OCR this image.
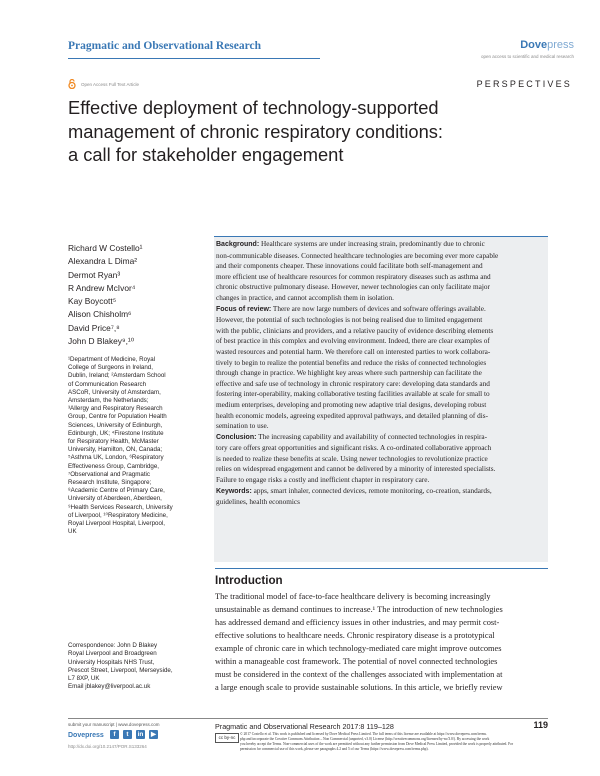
Pragmatic and Observational Research	Dovepress
open access to scientific and medical research
Open Access Full Text Article	PERSPECTIVES
Effective deployment of technology-supported
management of chronic respiratory conditions:
a call for stakeholder engagement
Richard W Costello¹
Alexandra L Dima²
Dermot Ryan³
R Andrew McIvor⁴
Kay Boycott⁵
Alison Chisholm⁶
David Price⁷,⁸
John D Blakey⁹,¹⁰
¹Department of Medicine, Royal
College of Surgeons in Ireland,
Dublin, Ireland; ²Amsterdam School
of Communication Research
ASCoR, University of Amsterdam,
Amsterdam, the Netherlands;
³Allergy and Respiratory Research
Group, Centre for Population Health
Sciences, University of Edinburgh,
Edinburgh, UK; ⁴Firestone Institute
for Respiratory Health, McMaster
University, Hamilton, ON, Canada;
⁵Asthma UK, London, ⁶Respiratory
Effectiveness Group, Cambridge,
⁷Observational and Pragmatic
Research Institute, Singapore;
⁸Academic Centre of Primary Care,
University of Aberdeen, Aberdeen,
⁹Health Services Research, University
of Liverpool, ¹⁰Respiratory Medicine,
Royal Liverpool Hospital, Liverpool,
UK
Correspondence: John D Blakey
Royal Liverpool and Broadgreen
University Hospitals NHS Trust,
Prescot Street, Liverpool, Merseyside,
L7 8XP, UK
Email jblakey@liverpool.ac.uk
Background: Healthcare systems are under increasing strain, predominantly due to chronic
non-communicable diseases. Connected healthcare technologies are becoming ever more capable
and their components cheaper. These innovations could facilitate both self-management and
more efficient use of healthcare resources for common respiratory diseases such as asthma and
chronic obstructive pulmonary disease. However, newer technologies can only facilitate major
changes in practice, and cannot accomplish them in isolation.
Focus of review: There are now large numbers of devices and software offerings available.
However, the potential of such technologies is not being realised due to limited engagement
with the public, clinicians and providers, and a relative paucity of evidence describing elements
of best practice in this complex and evolving environment. Indeed, there are clear examples of
wasted resources and potential harm. We therefore call on interested parties to work collabora-
tively to begin to realize the potential benefits and reduce the risks of connected technologies
through change in practice. We highlight key areas where such partnership can facilitate the
effective and safe use of technology in chronic respiratory care: developing data standards and
fostering inter-operability, making collaborative testing facilities available at scale for small to
medium enterprises, developing and promoting new adaptive trial designs, developing robust
health economic models, agreeing expedited approval pathways, and detailed planning of dis-
semination to use.
Conclusion: The increasing capability and availability of connected technologies in respira-
tory care offers great opportunities and significant risks. A co-ordinated collaborative approach
is needed to realize these benefits at scale. Using newer technologies to revolutionize practice
relies on widespread engagement and cannot be delivered by a minority of interested specialists.
Failure to engage risks a costly and inefficient chapter in respiratory care.
Keywords: apps, smart inhaler, connected devices, remote monitoring, co-creation, standards,
guidelines, health economics
Introduction
The traditional model of face-to-face healthcare delivery is becoming increasingly
unsustainable as demand continues to increase.¹ The introduction of new technologies
has addressed demand and efficiency issues in other industries, and may permit cost-
effective solutions to healthcare needs. Chronic respiratory disease is a prototypical
example of chronic care in which technology-mediated care might improve outcomes
within a manageable cost framework. The potential of novel connected technologies
must be considered in the context of the challenges associated with implementation at
a large enough scale to provide sustainable solutions. In this article, we briefly review
submit your manuscript | www.dovepress.com
Dovepress	f	t	in	▶
http://dx.doi.org/10.2147/POR.S133264
Pragmatic and Observational Research 2017:8 119–128	119
cc by-nc
© 2017 Costello et al. This work is published and licensed by Dove Medical Press Limited. The full terms of this license are available at https://www.dovepress.com/terms.
php and incorporate the Creative Commons Attribution – Non Commercial (unported, v3.0) License (http://creativecommons.org/licenses/by-nc/3.0/). By accessing the work
you hereby accept the Terms. Non-commercial uses of the work are permitted without any further permission from Dove Medical Press Limited, provided the work is properly attributed. For
permission for commercial use of this work, please see paragraphs 4.2 and 5 of our Terms (https://www.dovepress.com/terms.php).
